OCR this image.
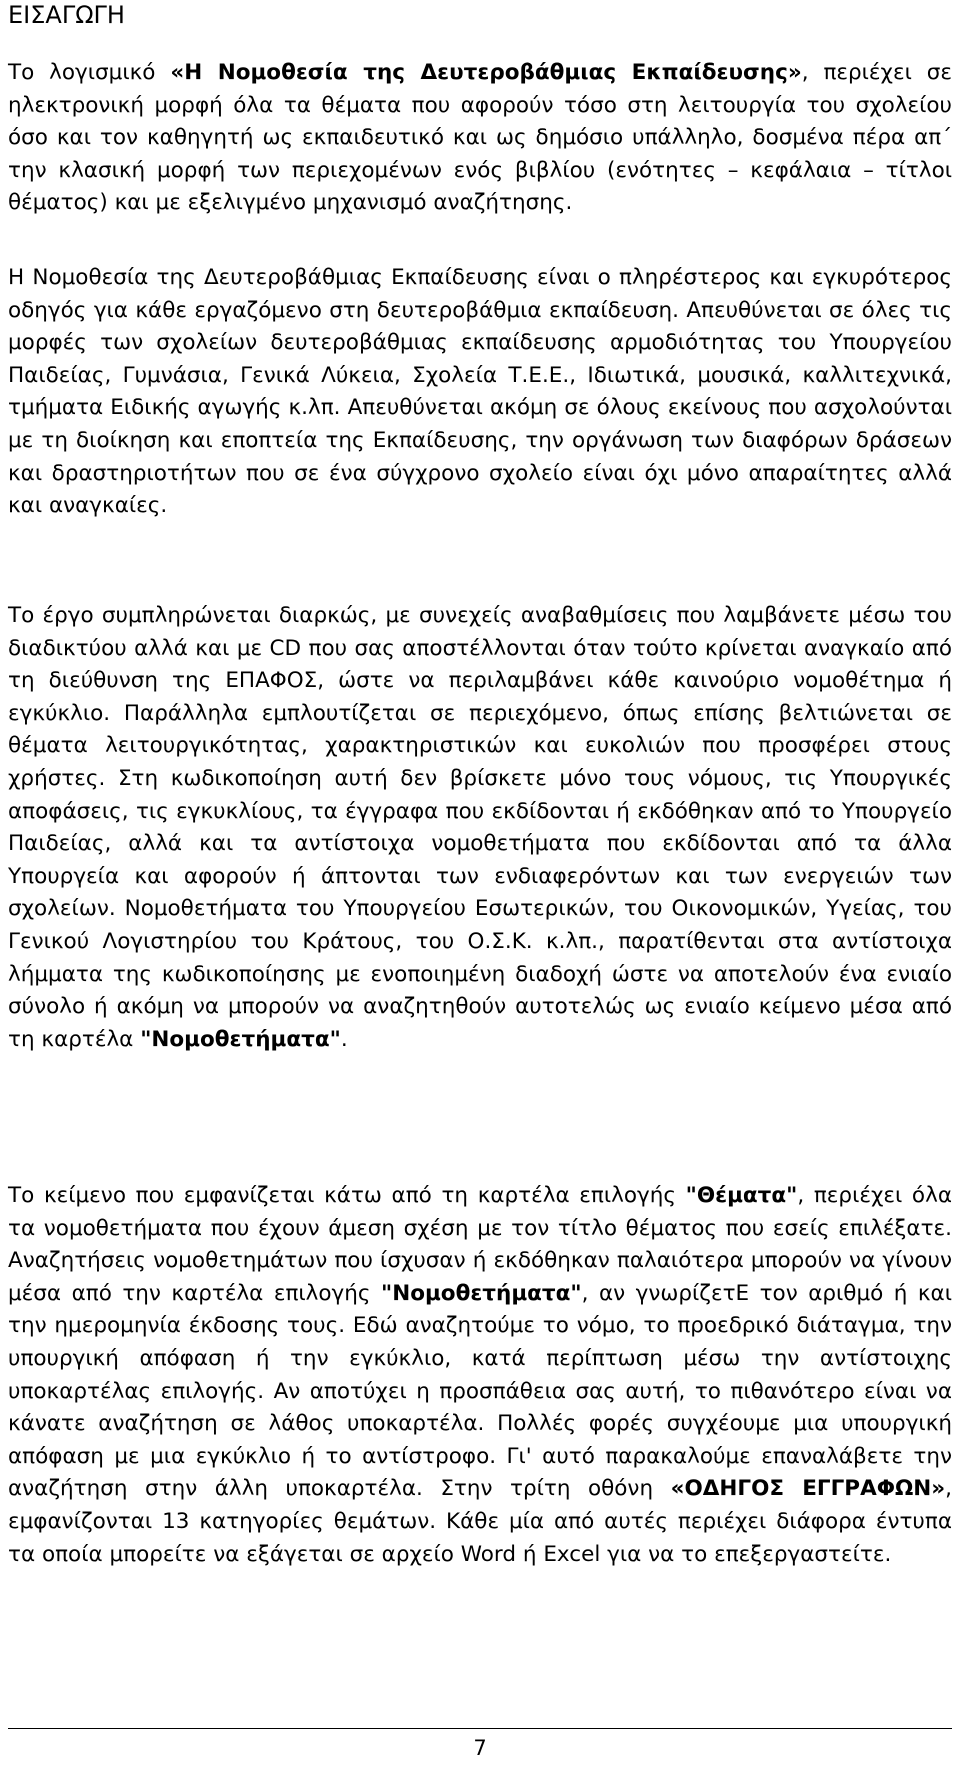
ΕΙΣΑΓΩΓΗ

Το λογισμικό «Η Νομοθεσία της Δευτεροβάθμιας Εκπαίδευσης», περιέχει σε ηλεκτρονική μορφή όλα τα θέματα που αφορούν τόσο στη λειτουργία του σχολείου όσο και τον καθηγητή ως εκπαιδευτικό και ως δημόσιο υπάλληλο, δοσμένα πέρα απ΄ την κλασική μορφή των περιεχομένων ενός βιβλίου (ενότητες – κεφάλαια – τίτλοι θέματος) και με εξελιγμένο μηχανισμό αναζήτησης.

Η Νομοθεσία της Δευτεροβάθμιας Εκπαίδευσης είναι ο πληρέστερος και εγκυρότερος οδηγός για κάθε εργαζόμενο στη δευτεροβάθμια εκπαίδευση. Απευθύνεται σε όλες τις μορφές των σχολείων δευτεροβάθμιας εκπαίδευσης αρμοδιότητας του Υπουργείου Παιδείας, Γυμνάσια, Γενικά Λύκεια, Σχολεία Τ.Ε.Ε., Ιδιωτικά, μουσικά, καλλιτεχνικά, τμήματα Ειδικής αγωγής κ.λπ. Απευθύνεται ακόμη σε όλους εκείνους που ασχολούνται με τη διοίκηση και εποπτεία της Εκπαίδευσης, την οργάνωση των διαφόρων δράσεων και δραστηριοτήτων που σε ένα σύγχρονο σχολείο είναι όχι μόνο απαραίτητες αλλά και αναγκαίες.

Το έργο συμπληρώνεται διαρκώς, με συνεχείς αναβαθμίσεις που λαμβάνετε μέσω του διαδικτύου αλλά και με CD που σας αποστέλλονται όταν τούτο κρίνεται αναγκαίο από τη διεύθυνση της ΕΠΑΦΟΣ, ώστε να περιλαμβάνει κάθε καινούριο νομοθέτημα ή εγκύκλιο. Παράλληλα εμπλουτίζεται σε περιεχόμενο, όπως επίσης βελτιώνεται σε θέματα λειτουργικότητας, χαρακτηριστικών και ευκολιών που προσφέρει στους χρήστες. Στη κωδικοποίηση αυτή δεν βρίσκετε μόνο τους νόμους, τις Υπουργικές αποφάσεις, τις εγκυκλίους, τα έγγραφα που εκδίδονται ή εκδόθηκαν από το Υπουργείο Παιδείας, αλλά και τα αντίστοιχα νομοθετήματα που εκδίδονται από τα άλλα Υπουργεία και αφορούν ή άπτονται των ενδιαφερόντων και των ενεργειών των σχολείων. Νομοθετήματα του Υπουργείου Εσωτερικών, του Οικονομικών, Υγείας, του Γενικού Λογιστηρίου του Κράτους, του Ο.Σ.Κ. κ.λπ., παρατίθενται στα αντίστοιχα λήμματα της κωδικοποίησης με ενοποιημένη διαδοχή ώστε να αποτελούν ένα ενιαίο σύνολο ή ακόμη να μπορούν να αναζητηθούν αυτοτελώς ως ενιαίο κείμενο μέσα από τη καρτέλα "Νομοθετήματα".

Το κείμενο που εμφανίζεται κάτω από τη καρτέλα επιλογής "Θέματα", περιέχει όλα τα νομοθετήματα που έχουν άμεση σχέση με τον τίτλο θέματος που εσείς επιλέξατε. Αναζητήσεις νομοθετημάτων που ίσχυσαν ή εκδόθηκαν παλαιότερα μπορούν να γίνουν μέσα από την καρτέλα επιλογής "Νομοθετήματα", αν γνωρίζετΕ τον αριθμό ή και την ημερομηνία έκδοσης τους. Εδώ αναζητούμε το νόμο, το προεδρικό διάταγμα, την υπουργική απόφαση ή την εγκύκλιο, κατά περίπτωση μέσω την αντίστοιχης υποκαρτέλας επιλογής. Αν αποτύχει η προσπάθεια σας αυτή, το πιθανότερο είναι να κάνατε αναζήτηση σε λάθος υποκαρτέλα. Πολλές φορές συγχέουμε μια υπουργική απόφαση με μια εγκύκλιο ή το αντίστροφο. Γι' αυτό παρακαλούμε επαναλάβετε την αναζήτηση στην άλλη υποκαρτέλα. Στην τρίτη οθόνη «ΟΔΗΓΟΣ ΕΓΓΡΑΦΩΝ», εμφανίζονται 13 κατηγορίες θεμάτων. Κάθε μία από αυτές περιέχει διάφορα έντυπα τα οποία μπορείτε να εξάγεται σε αρχείο Word ή Excel για να το επεξεργαστείτε.

7
